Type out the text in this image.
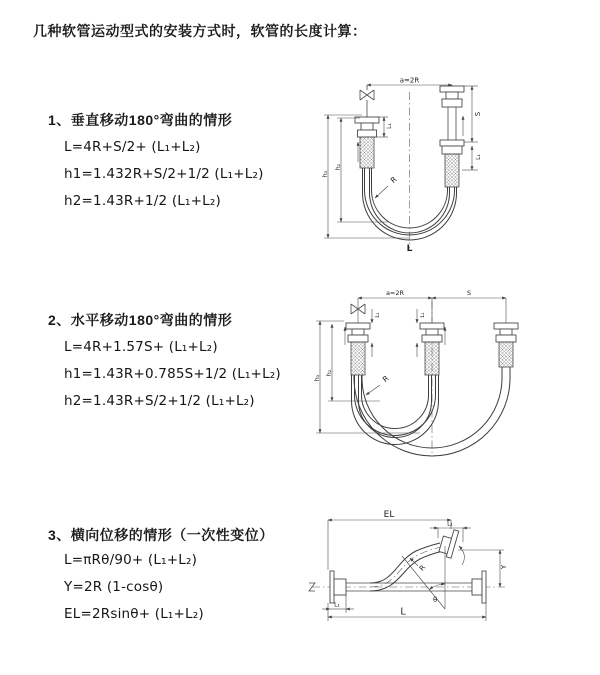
几种软管运动型式的安装方式时，软管的长度计算：
1、垂直移动180°弯曲的情形
L=4R+S/2+ (L₁+L₂)
h1=1.432R+S/2+1/2 (L₁+L₂)
h2=1.43R+1/2 (L₁+L₂)
a=2R
S
L₁
L₁
h₁
h₂
R
L
2、水平移动180°弯曲的情形
L=4R+1.57S+ (L₁+L₂)
h1=1.43R+0.785S+1/2 (L₁+L₂)
h2=1.43R+S/2+1/2 (L₁+L₂)
a=2R	S
h₁
h₂
L₁	L₁
R
3、横向位移的情形（一次性变位）
L=πRθ/90+ (L₁+L₂)
Y=2R (1-cosθ)
EL=2Rsinθ+ (L₁+L₂)
θ
R
EL
L₁
Y
L
L₁
